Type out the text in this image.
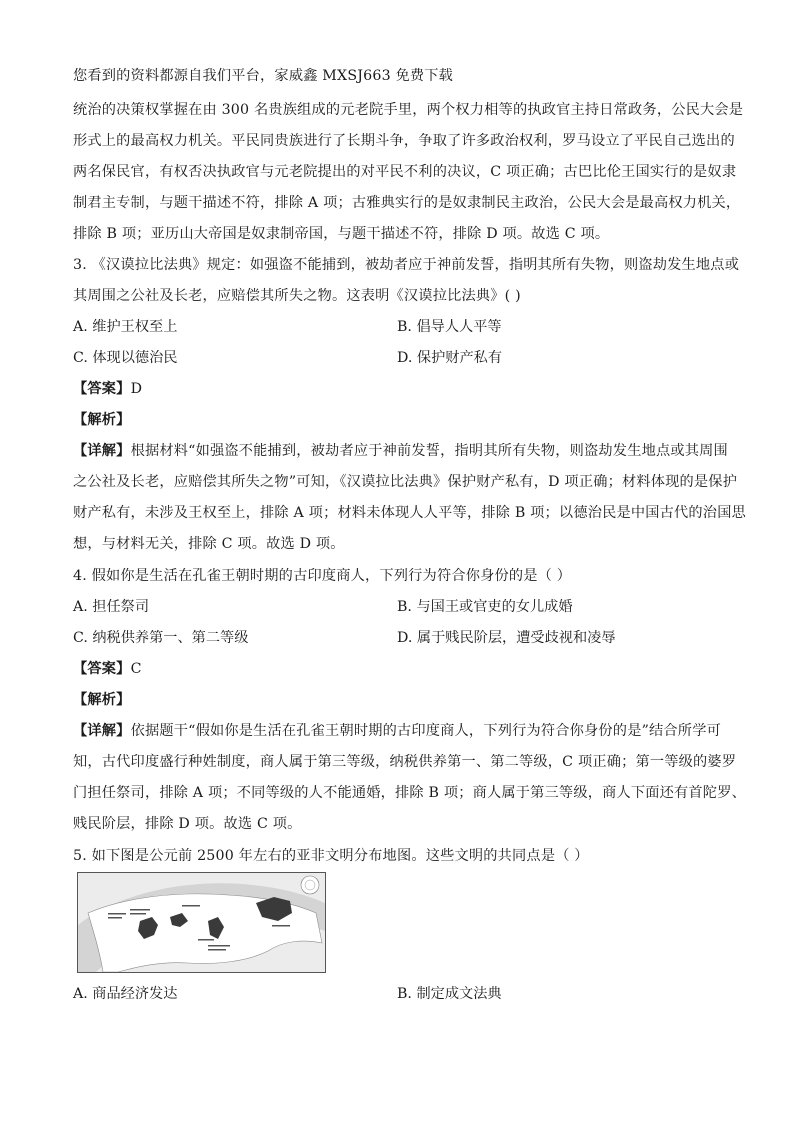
您看到的资料都源自我们平台，家威鑫 MXSJ663 免费下载
统治的决策权掌握在由 300 名贵族组成的元老院手里，两个权力相等的执政官主持日常政务，公民大会是
形式上的最高权力机关。平民同贵族进行了长期斗争，争取了许多政治权利，罗马设立了平民自己选出的
两名保民官，有权否决执政官与元老院提出的对平民不利的决议，C 项正确；古巴比伦王国实行的是奴隶
制君主专制，与题干描述不符，排除 A 项；古雅典实行的是奴隶制民主政治，公民大会是最高权力机关，
排除 B 项；亚历山大帝国是奴隶制帝国，与题干描述不符，排除 D 项。故选 C 项。
3. 《汉谟拉比法典》规定：如强盗不能捕到，被劫者应于神前发誓，指明其所有失物，则盗劫发生地点或
其周围之公社及长老，应赔偿其所失之物。这表明《汉谟拉比法典》( )
A. 维护王权至上	B. 倡导人人平等
C. 体现以德治民	D. 保护财产私有
【答案】D
【解析】
【详解】根据材料“如强盗不能捕到，被劫者应于神前发誓，指明其所有失物，则盗劫发生地点或其周围
之公社及长老，应赔偿其所失之物”可知，《汉谟拉比法典》保护财产私有，D 项正确；材料体现的是保护
财产私有，未涉及王权至上，排除 A 项；材料未体现人人平等，排除 B 项；以德治民是中国古代的治国思
想，与材料无关，排除 C 项。故选 D 项。
4. 假如你是生活在孔雀王朝时期的古印度商人，下列行为符合你身份的是（ ）
A. 担任祭司	B. 与国王或官吏的女儿成婚
C. 纳税供养第一、第二等级	D. 属于贱民阶层，遭受歧视和凌辱
【答案】C
【解析】
【详解】依据题干“假如你是生活在孔雀王朝时期的古印度商人，下列行为符合你身份的是”结合所学可
知，古代印度盛行种姓制度，商人属于第三等级，纳税供养第一、第二等级，C 项正确；第一等级的婆罗
门担任祭司，排除 A 项；不同等级的人不能通婚，排除 B 项；商人属于第三等级，商人下面还有首陀罗、
贱民阶层，排除 D 项。故选 C 项。
5. 如下图是公元前 2500 年左右的亚非文明分布地图。这些文明的共同点是（ ）
A. 商品经济发达	B. 制定成文法典
